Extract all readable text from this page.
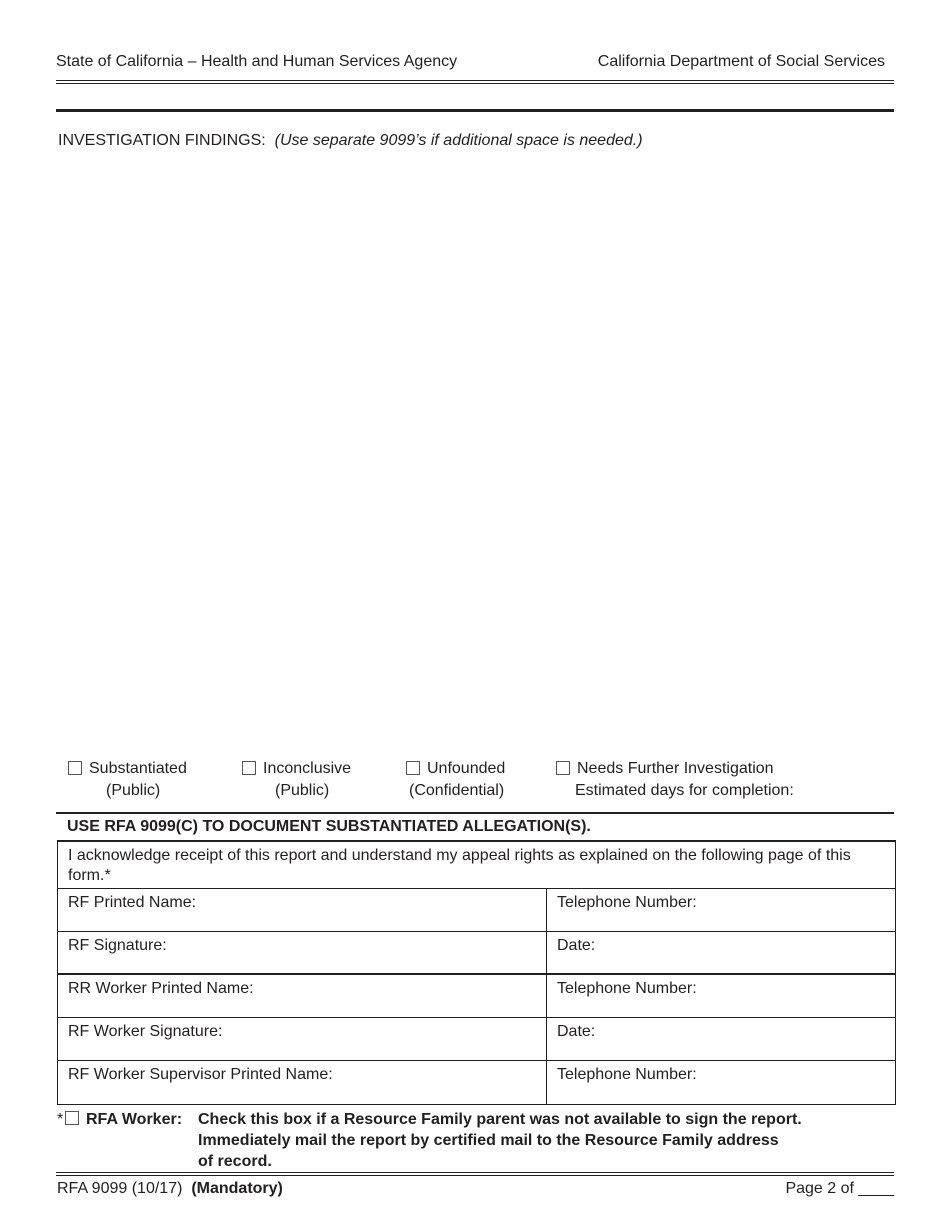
State of California – Health and Human Services Agency	California Department of Social Services
INVESTIGATION FINDINGS: (Use separate 9099’s if additional space is needed.)
Substantiated
(Public)
Inconclusive
(Public)
Unfounded
(Confidential)
Needs Further Investigation
Estimated days for completion:
USE RFA 9099(C) TO DOCUMENT SUBSTANTIATED ALLEGATION(S).
I acknowledge receipt of this report and understand my appeal rights as explained on the following page of this form.*
RF Printed Name:	Telephone Number:
RF Signature:	Date:
RR Worker Printed Name:	Telephone Number:
RF Worker Signature:	Date:
RF Worker Supervisor Printed Name:	Telephone Number:
* RFA Worker: Check this box if a Resource Family parent was not available to sign the report.
Immediately mail the report by certified mail to the Resource Family address
of record.
RFA 9099 (10/17) (Mandatory)	Page 2 of ____
